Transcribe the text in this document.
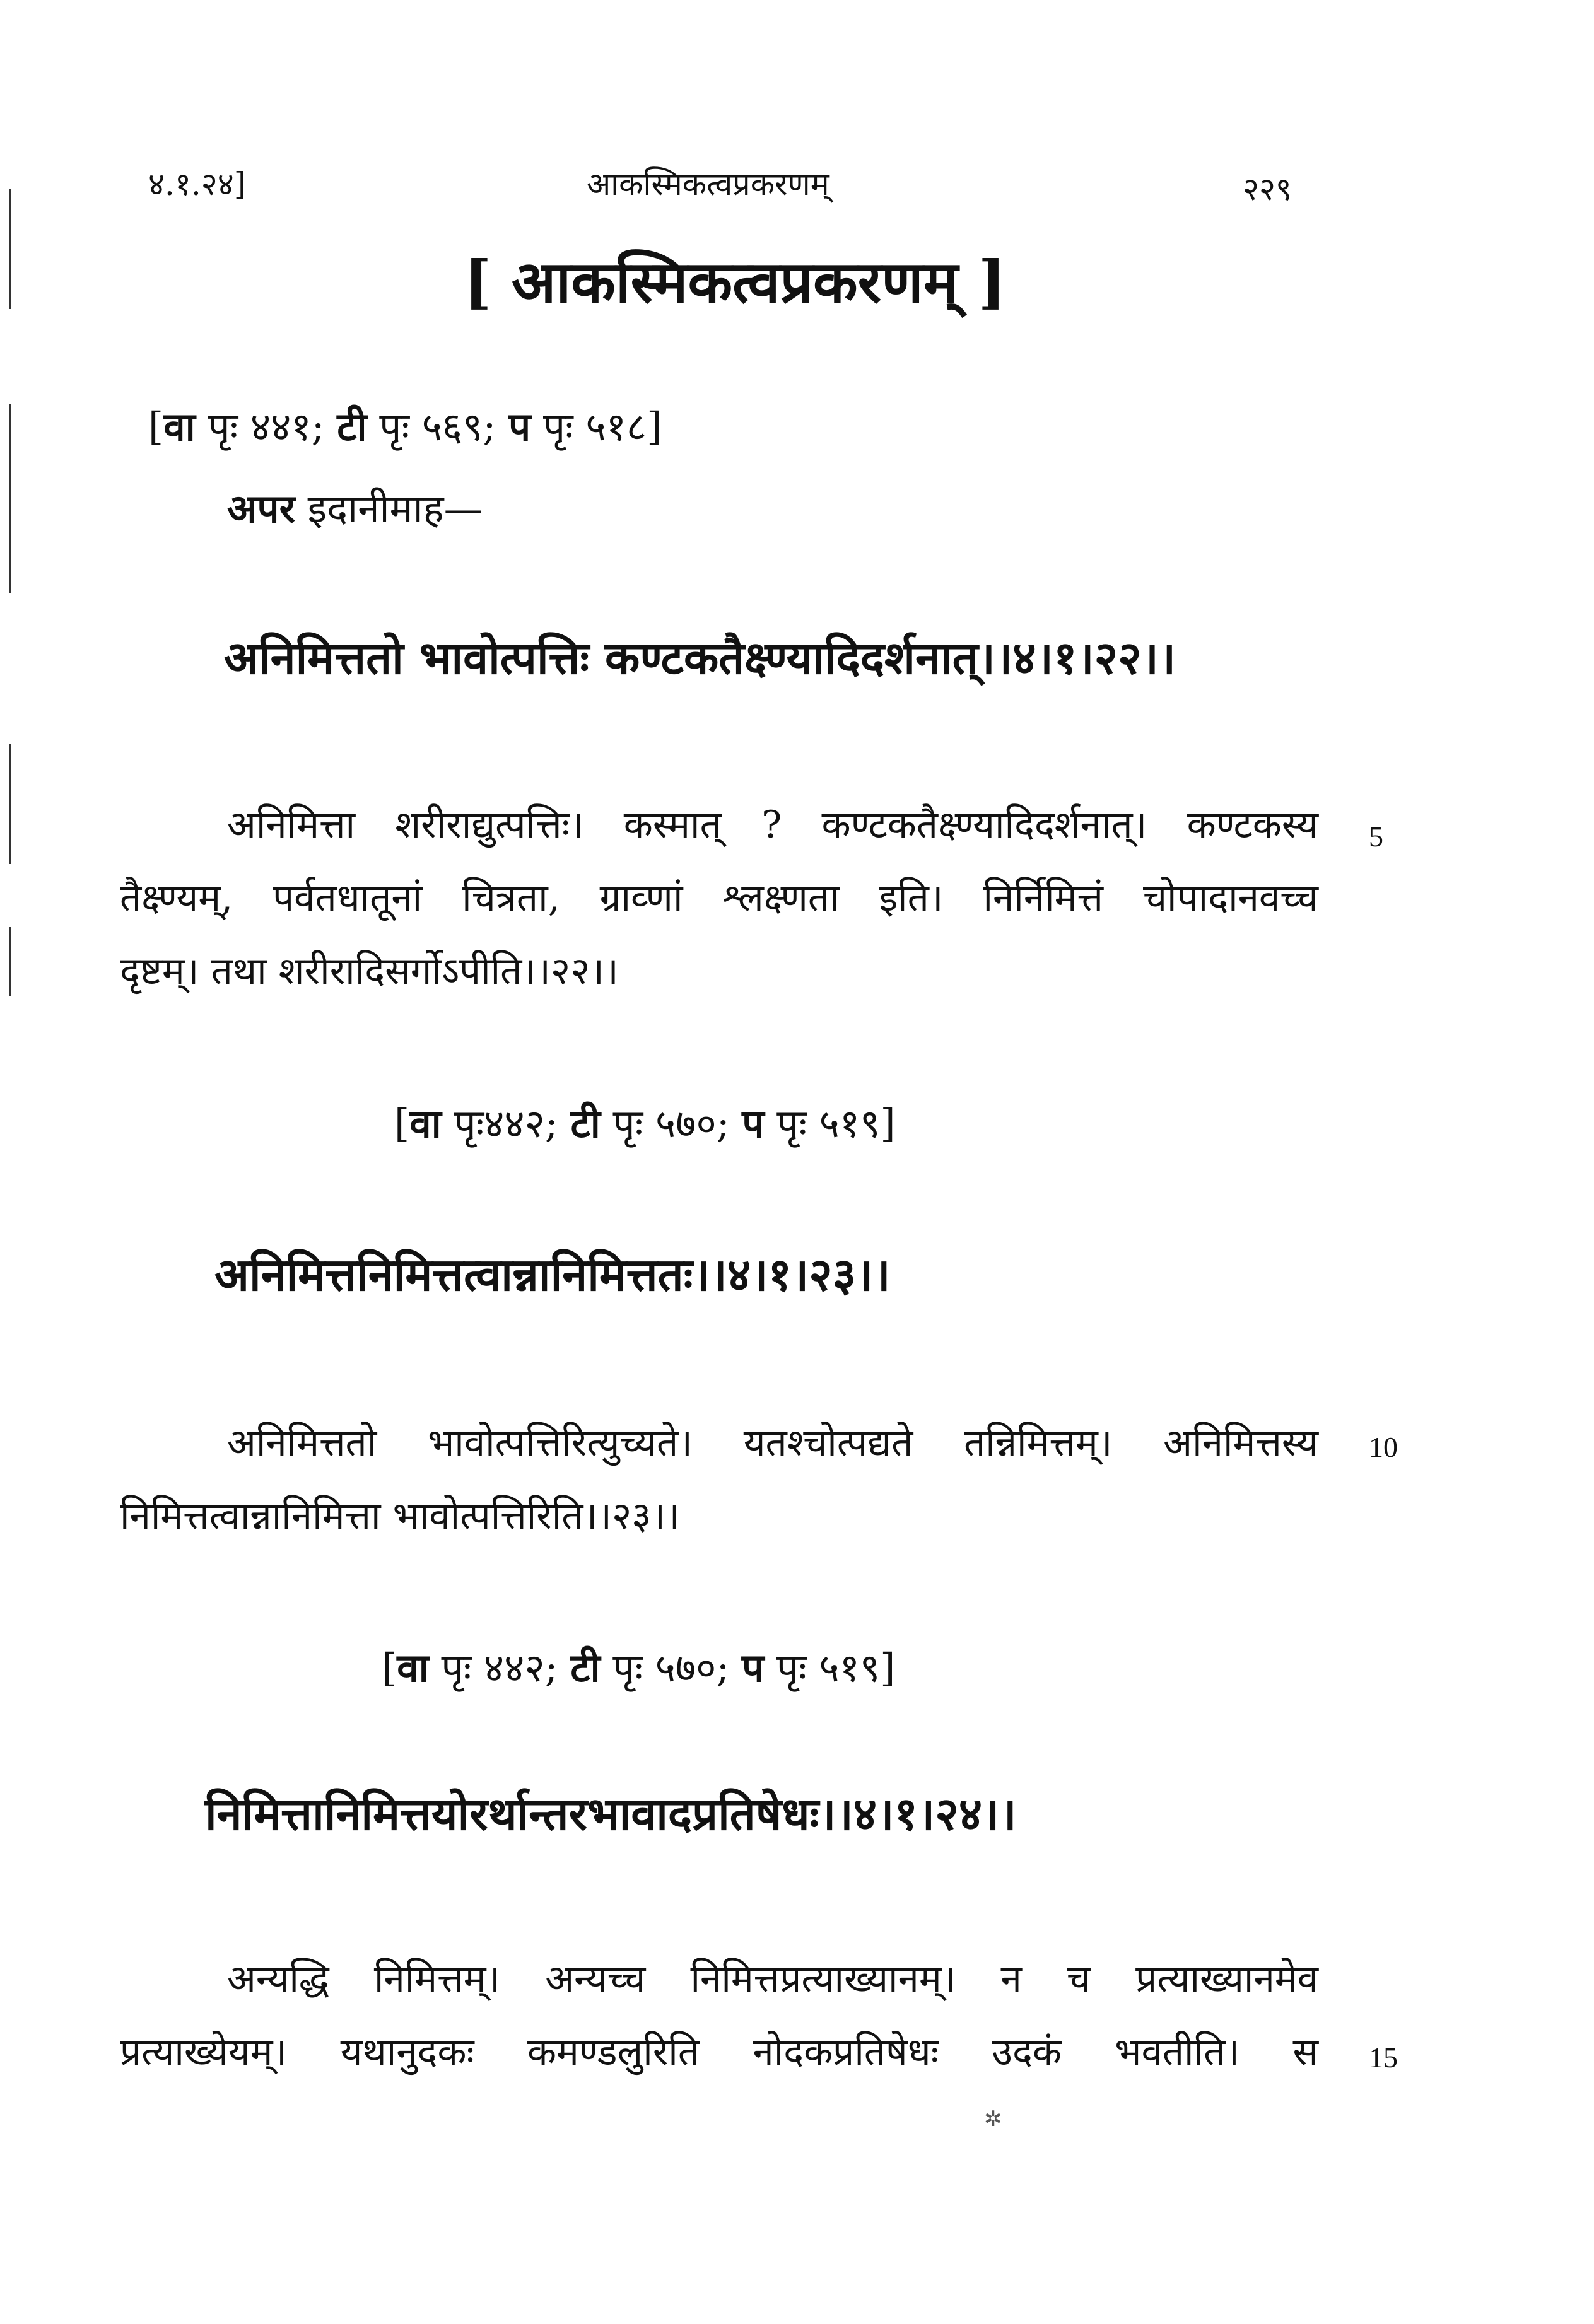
४.१.२४]	आकस्मिकत्वप्रकरणम्	२२९
[ आकस्मिकत्वप्रकरणम् ]
[वा पृः ४४१; टी पृः ५६९; प पृः ५१८]
अपर इदानीमाह—
अनिमित्ततो भावोत्पत्तिः कण्टकतैक्ष्ण्यादिदर्शनात्।।४।१।२२।।
अनिमित्ता शरीराद्युत्पत्तिः। कस्मात् ? कण्टकतैक्ष्ण्यादिदर्शनात्। कण्टकस्य
तैक्ष्ण्यम्, पर्वतधातूनां चित्रता, ग्राव्णां श्लक्ष्णता इति। निर्निमित्तं चोपादानवच्च
दृष्टम्। तथा शरीरादिसर्गोऽपीति।।२२।।
5
[वा पृः४४२; टी पृः ५७०; प पृः ५१९]
अनिमित्तनिमित्तत्वान्नानिमित्ततः।।४।१।२३।।
अनिमित्ततो भावोत्पत्तिरित्युच्यते। यतश्चोत्पद्यते तन्निमित्तम्। अनिमित्तस्य
निमित्तत्वान्नानिमित्ता भावोत्पत्तिरिति।।२३।।
10
[वा पृः ४४२; टी पृः ५७०; प पृः ५१९]
निमित्तानिमित्तयोरर्थान्तरभावादप्रतिषेधः।।४।१।२४।।
अन्यद्धि निमित्तम्। अन्यच्च निमित्तप्रत्याख्यानम्। न च प्रत्याख्यानमेव
प्रत्याख्येयम्। यथानुदकः कमण्डलुरिति नोदकप्रतिषेधः उदकं भवतीति। स 15
✲
